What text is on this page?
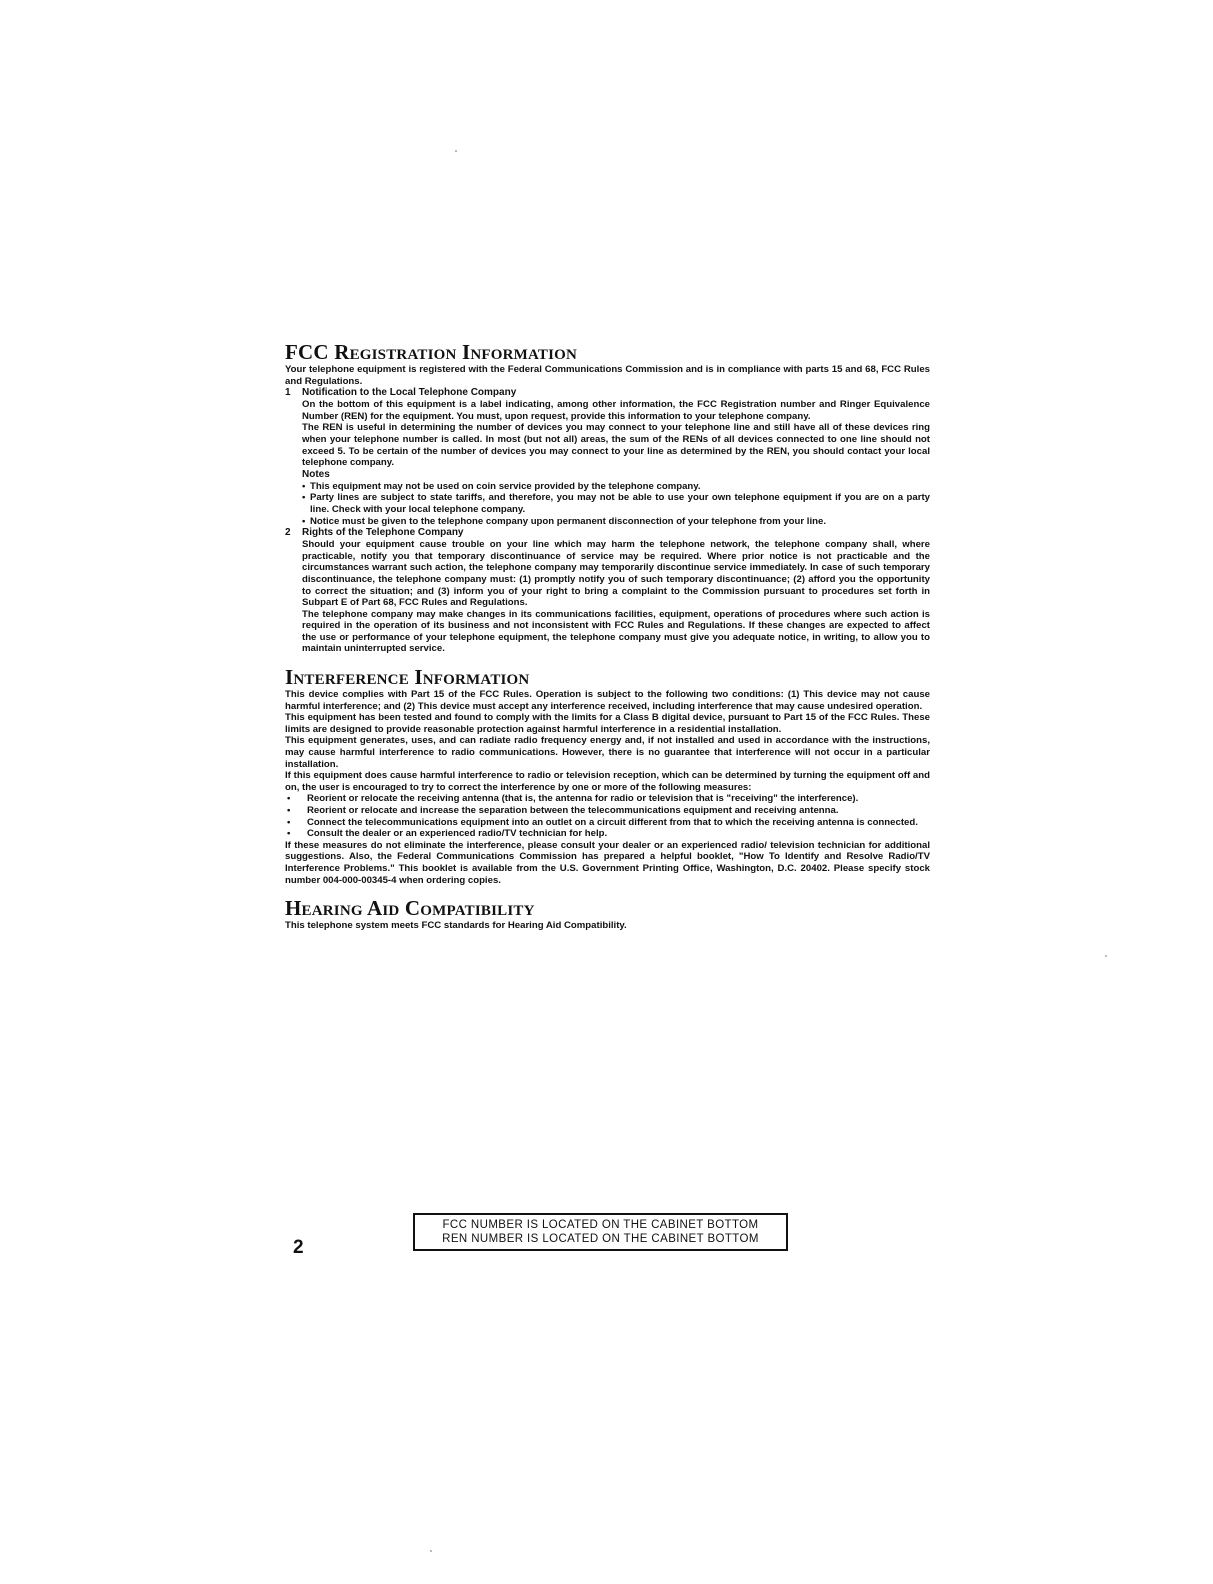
FCC Registration Information

Your telephone equipment is registered with the Federal Communications Commission and is in compliance with parts 15 and 68, FCC Rules and Regulations.

1	Notification to the Local Telephone Company

On the bottom of this equipment is a label indicating, among other information, the FCC Registration number and Ringer Equivalence Number (REN) for the equipment. You must, upon request, provide this information to your telephone company.

The REN is useful in determining the number of devices you may connect to your telephone line and still have all of these devices ring when your telephone number is called. In most (but not all) areas, the sum of the RENs of all devices connected to one line should not exceed 5. To be certain of the number of devices you may connect to your line as determined by the REN, you should contact your local telephone company.

Notes

• This equipment may not be used on coin service provided by the telephone company.

• Party lines are subject to state tariffs, and therefore, you may not be able to use your own telephone equipment if you are on a party line. Check with your local telephone company.

• Notice must be given to the telephone company upon permanent disconnection of your telephone from your line.

2	Rights of the Telephone Company

Should your equipment cause trouble on your line which may harm the telephone network, the telephone company shall, where practicable, notify you that temporary discontinuance of service may be required. Where prior notice is not practicable and the circumstances warrant such action, the telephone company may temporarily discontinue service immediately. In case of such temporary discontinuance, the telephone company must: (1) promptly notify you of such temporary discontinuance; (2) afford you the opportunity to correct the situation; and (3) inform you of your right to bring a complaint to the Commission pursuant to procedures set forth in Subpart E of Part 68, FCC Rules and Regulations.

The telephone company may make changes in its communications facilities, equipment, operations of procedures where such action is required in the operation of its business and not inconsistent with FCC Rules and Regulations. If these changes are expected to affect the use or performance of your telephone equipment, the telephone company must give you adequate notice, in writing, to allow you to maintain uninterrupted service.

Interference Information

This device complies with Part 15 of the FCC Rules. Operation is subject to the following two conditions: (1) This device may not cause harmful interference; and (2) This device must accept any interference received, including interference that may cause undesired operation.

This equipment has been tested and found to comply with the limits for a Class B digital device, pursuant to Part 15 of the FCC Rules. These limits are designed to provide reasonable protection against harmful interference in a residential installation.

This equipment generates, uses, and can radiate radio frequency energy and, if not installed and used in accordance with the instructions, may cause harmful interference to radio communications. However, there is no guarantee that interference will not occur in a particular installation.

If this equipment does cause harmful interference to radio or television reception, which can be determined by turning the equipment off and on, the user is encouraged to try to correct the interference by one or more of the following measures:

• Reorient or relocate the receiving antenna (that is, the antenna for radio or television that is "receiving" the interference).

• Reorient or relocate and increase the separation between the telecommunications equipment and receiving antenna.

• Connect the telecommunications equipment into an outlet on a circuit different from that to which the receiving antenna is connected.

• Consult the dealer or an experienced radio/TV technician for help.

If these measures do not eliminate the interference, please consult your dealer or an experienced radio/ television technician for additional suggestions. Also, the Federal Communications Commission has prepared a helpful booklet, "How To Identify and Resolve Radio/TV Interference Problems." This booklet is available from the U.S. Government Printing Office, Washington, D.C. 20402. Please specify stock number 004-000-00345-4 when ordering copies.

Hearing Aid Compatibility

This telephone system meets FCC standards for Hearing Aid Compatibility.

2
FCC NUMBER IS LOCATED ON THE CABINET BOTTOM
REN NUMBER IS LOCATED ON THE CABINET BOTTOM
